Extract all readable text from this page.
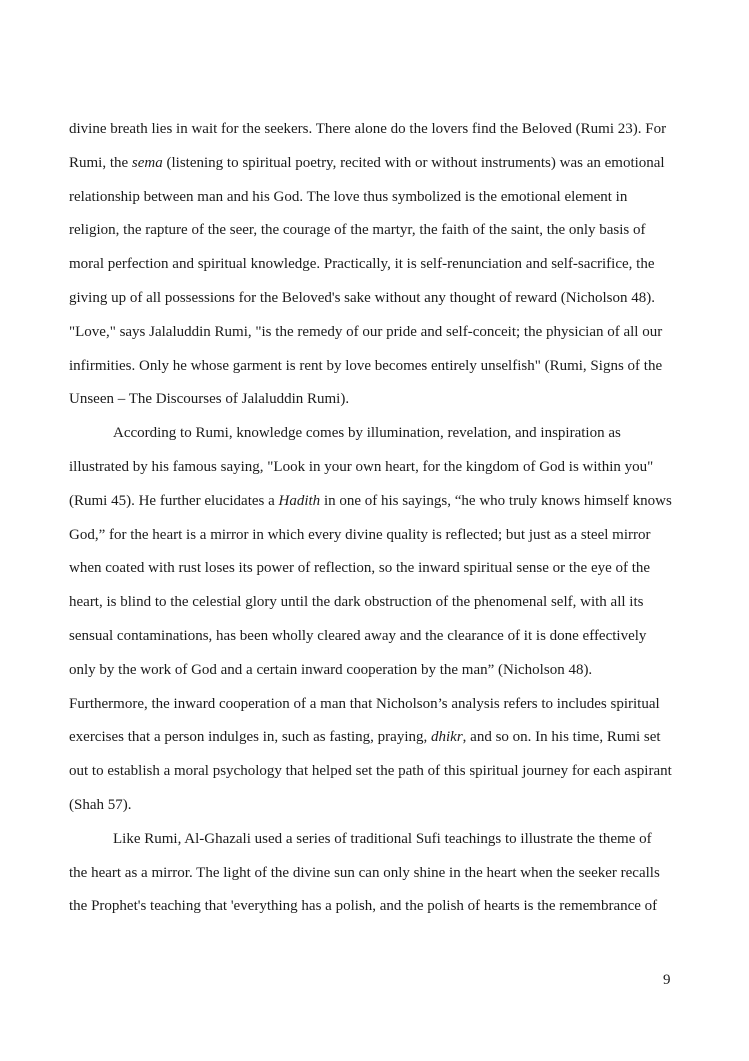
divine breath lies in wait for the seekers. There alone do the lovers find the Beloved (Rumi 23). For Rumi, the sema (listening to spiritual poetry, recited with or without instruments) was an emotional relationship between man and his God. The love thus symbolized is the emotional element in religion, the rapture of the seer, the courage of the martyr, the faith of the saint, the only basis of moral perfection and spiritual knowledge. Practically, it is self-renunciation and self-sacrifice, the giving up of all possessions for the Beloved's sake without any thought of reward (Nicholson 48). "Love," says Jalaluddin Rumi, "is the remedy of our pride and self-conceit; the physician of all our infirmities. Only he whose garment is rent by love becomes entirely unselfish" (Rumi, Signs of the Unseen – The Discourses of Jalaluddin Rumi).

According to Rumi, knowledge comes by illumination, revelation, and inspiration as illustrated by his famous saying, "Look in your own heart, for the kingdom of God is within you" (Rumi 45). He further elucidates a Hadith in one of his sayings, “he who truly knows himself knows God,” for the heart is a mirror in which every divine quality is reflected; but just as a steel mirror when coated with rust loses its power of reflection, so the inward spiritual sense or the eye of the heart, is blind to the celestial glory until the dark obstruction of the phenomenal self, with all its sensual contaminations, has been wholly cleared away and the clearance of it is done effectively only by the work of God and a certain inward cooperation by the man” (Nicholson 48). Furthermore, the inward cooperation of a man that Nicholson’s analysis refers to includes spiritual exercises that a person indulges in, such as fasting, praying, dhikr, and so on. In his time, Rumi set out to establish a moral psychology that helped set the path of this spiritual journey for each aspirant (Shah 57).

Like Rumi, Al-Ghazali used a series of traditional Sufi teachings to illustrate the theme of the heart as a mirror. The light of the divine sun can only shine in the heart when the seeker recalls the Prophet's teaching that 'everything has a polish, and the polish of hearts is the remembrance of

9
